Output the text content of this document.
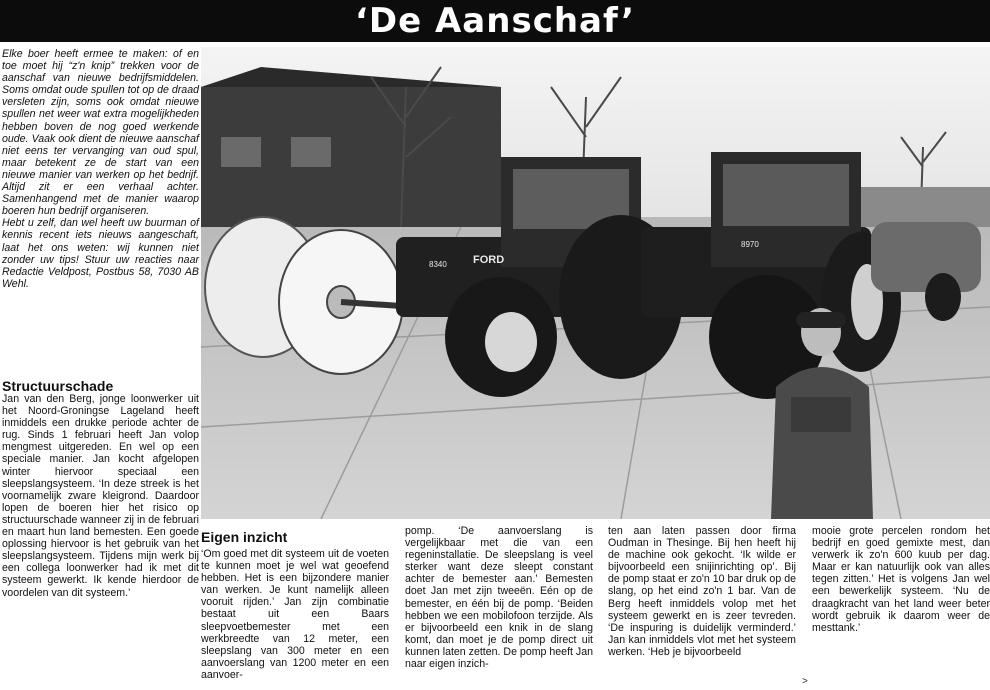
‘De Aanschaf’

Elke boer heeft ermee te maken: of en toe moet hij “z'n knip” trekken voor de aanschaf van nieuwe bedrijfsmiddelen. Soms omdat oude spullen tot op de draad versleten zijn, soms ook omdat nieuwe spullen net weer wat extra mogelijkheden hebben boven de nog goed werkende oude. Vaak ook dient de nieuwe aanschaf niet eens ter vervanging van oud spul, maar betekent ze de start van een nieuwe manier van werken op het bedrijf. Altijd zit er een verhaal achter. Samenhangend met de manier waarop boeren hun bedrijf organiseren.

Hebt u zelf, dan wel heeft uw buurman of kennis recent iets nieuws aangeschaft, laat het ons weten: wij kunnen niet zonder uw tips! Stuur uw reacties naar Redactie Veldpost, Postbus 58, 7030 AB Wehl.

Structuurschade
Jan van den Berg, jonge loonwerker uit het Noord-Groningse Lageland heeft inmiddels een drukke periode achter de rug. Sinds 1 februari heeft Jan volop mengmest uitgereden. En wel op een speciale manier. Jan kocht afgelopen winter hiervoor speciaal een sleepslangsysteem. ‘In deze streek is het voornamelijk zware kleigrond. Daardoor lopen de boeren hier het risico op structuurschade wanneer zij in de februari en maart hun land bemesten. Een goede oplossing hiervoor is het gebruik van het sleepslangsysteem. Tijdens mijn werk bij een collega loonwerker had ik met dit systeem gewerkt. Ik kende hierdoor de voordelen van dit systeem.’
FORD
8340
8970
Eigen inzicht

‘Om goed met dit systeem uit de voeten te kunnen moet je wel wat geoefend hebben. Het is een bijzondere manier van werken. Je kunt namelijk alleen vooruit rijden.’ Jan zijn combinatie bestaat uit een Baars sleepvoetbemester met een werkbreedte van 12 meter, een sleepslang van 300 meter en een aanvoerslang van 1200 meter en een aanvoer-

pomp. ‘De aanvoerslang is vergelijkbaar met die van een regeninstallatie. De sleepslang is veel sterker want deze sleept constant achter de bemester aan.’ Bemesten doet Jan met zijn tweeën. Eén op de bemester, en één bij de pomp. ‘Beiden hebben we een mobilofoon terzijde. Als er bijvoorbeeld een knik in de slang komt, dan moet je de pomp direct uit kunnen laten zetten. De pomp heeft Jan naar eigen inzich-

ten aan laten passen door firma Oudman in Thesinge. Bij hen heeft hij de machine ook gekocht. ‘Ik wilde er bijvoorbeeld een snijinrichting op’. Bij de pomp staat er zo'n 10 bar druk op de slang, op het eind zo'n 1 bar. Van de Berg heeft inmiddels volop met het systeem gewerkt en is zeer tevreden. ‘De inspuring is duidelijk verminderd.’ Jan kan inmiddels vlot met het systeem werken. ‘Heb je bijvoorbeeld

mooie grote percelen rondom het bedrijf en goed gemixte mest, dan verwerk ik zo'n 600 kuub per dag. Maar er kan natuurlijk ook van alles tegen zitten.’ Het is volgens Jan wel een bewerkelijk systeem. ‘Nu de draagkracht van het land weer beter wordt gebruik ik daarom weer de mesttank.’

>
